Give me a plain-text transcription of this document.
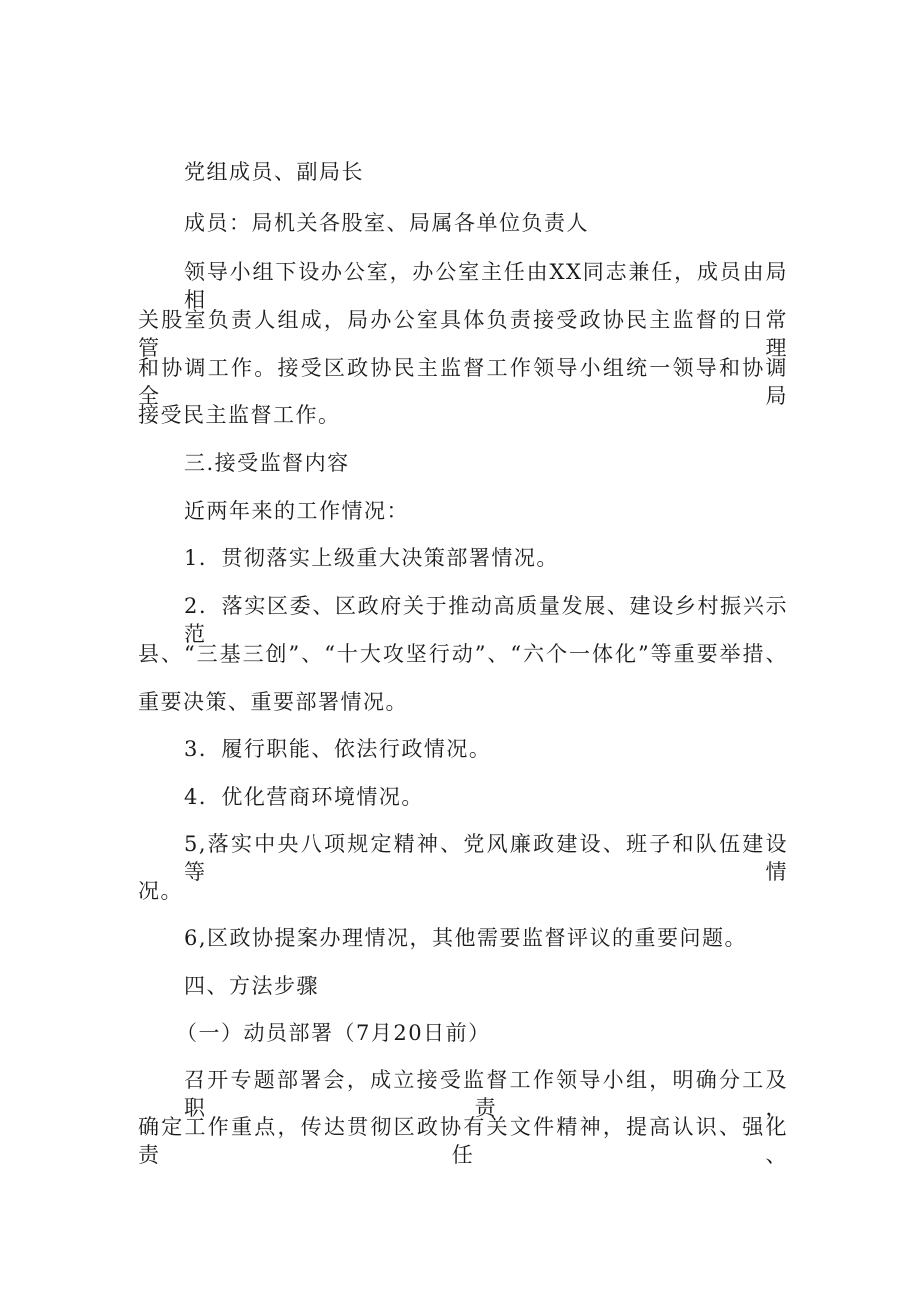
党组成员、副局长
成员：局机关各股室、局属各单位负责人
领导小组下设办公室，办公室主任由XX同志兼任，成员由局相
关股室负责人组成，局办公室具体负责接受政协民主监督的日常管理
和协调工作。接受区政协民主监督工作领导小组统一领导和协调全局
接受民主监督工作。
三.接受监督内容
近两年来的工作情况：
1．贯彻落实上级重大决策部署情况。
2．落实区委、区政府关于推动高质量发展、建设乡村振兴示范
县、“三基三创”、“十大攻坚行动”、“六个一体化”等重要举措、
重要决策、重要部署情况。
3．履行职能、依法行政情况。
4．优化营商环境情况。
5,落实中央八项规定精神、党风廉政建设、班子和队伍建设等情
况。
6,区政协提案办理情况，其他需要监督评议的重要问题。
四、方法步骤
（一）动员部署（7月20日前）
召开专题部署会，成立接受监督工作领导小组，明确分工及职责，
确定工作重点，传达贯彻区政协有关文件精神，提高认识、强化责任、
